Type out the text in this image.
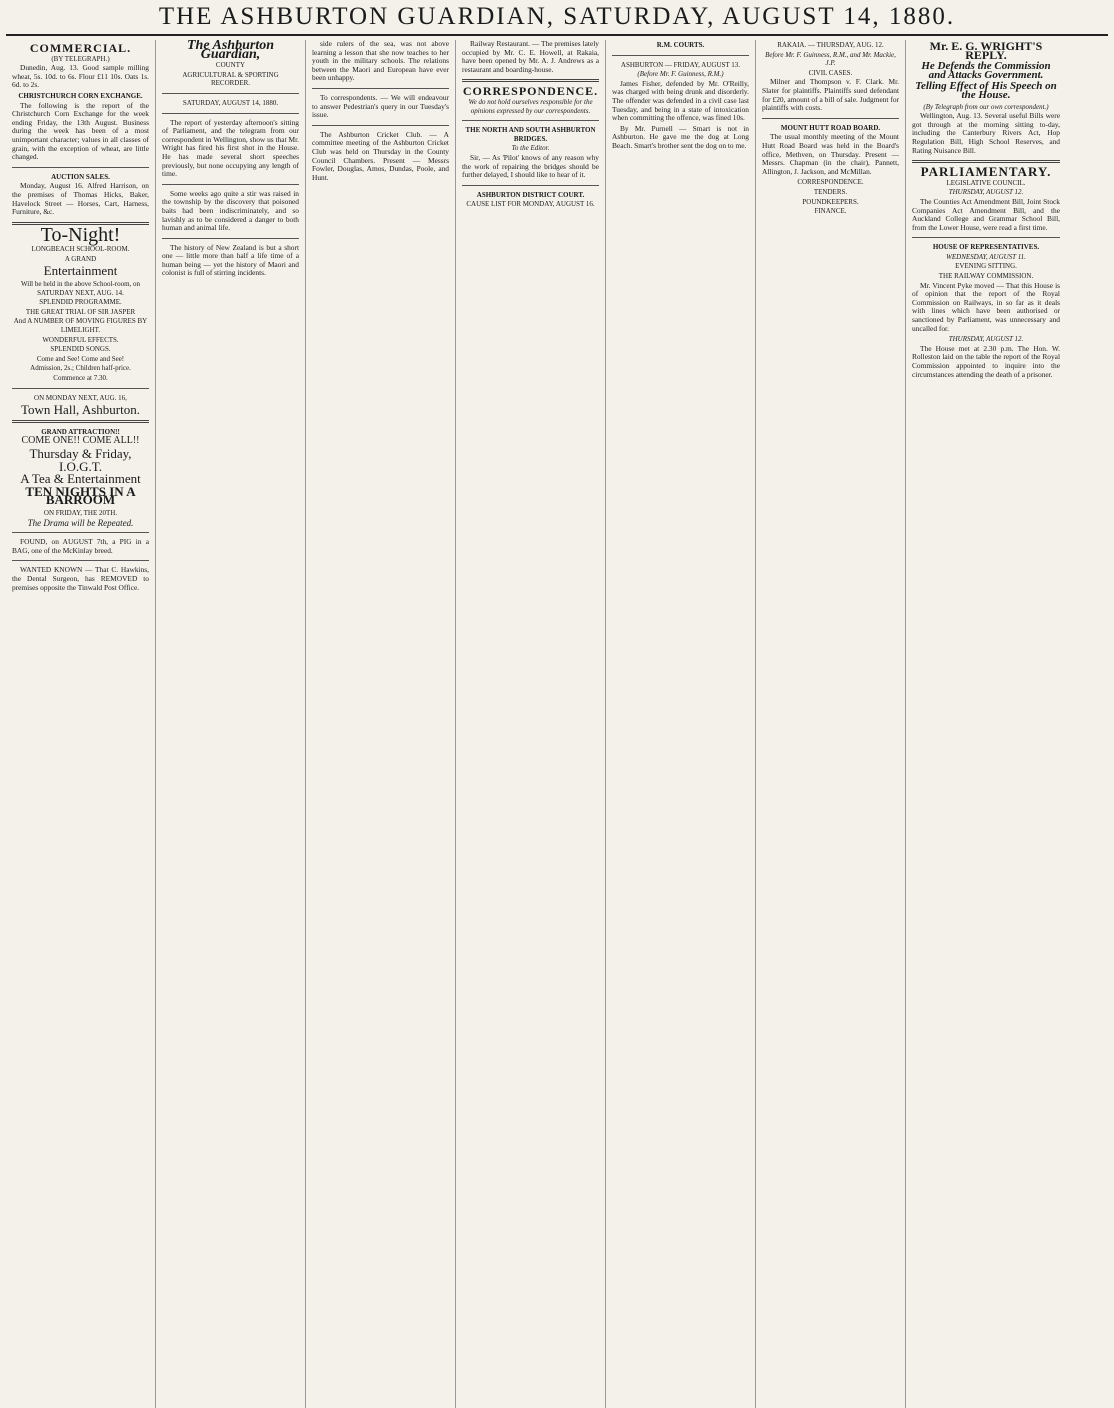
THE ASHBURTON GUARDIAN, SATURDAY, AUGUST 14, 1880.
COMMERCIAL.
(BY TELEGRAPH.)

Dunedin, Aug. 13. Good sample milling wheat, 5s. 10d. to 6s. Flour £11 10s. Oats 1s. 6d. to 2s.

CHRISTCHURCH CORN EXCHANGE.

The following is the report of the Christchurch Corn Exchange for the week ending Friday, the 13th August. Business during the week has been of a most unimportant character; values in all classes of grain, with the exception of wheat, are little changed.

AUCTION SALES.

Monday, August 16. Alfred Harrison, on the premises of Thomas Hicks, Baker, Havelock Street — Horses, Cart, Harness, Furniture, &c.

To-Night!
LONGBEACH SCHOOL-ROOM.
A GRAND
Entertainment
Will be held in the above School-room, on SATURDAY NEXT, AUG. 14.
SPLENDID PROGRAMME.
THE GREAT TRIAL OF SIR JASPER
And A NUMBER OF MOVING FIGURES BY LIMELIGHT.
WONDERFUL EFFECTS.
SPLENDID SONGS.
Come and See! Come and See!
Admission, 2s.; Children half-price.
Commence at 7.30.
ON MONDAY NEXT, AUG. 16,
Town Hall, Ashburton.
GRAND ATTRACTION!!
COME ONE!! COME ALL!!
Thursday & Friday,
I.O.G.T.
A Tea & Entertainment
TEN NIGHTS IN A BARROOM
ON FRIDAY, THE 20TH.
The Drama will be Repeated.

FOUND, on AUGUST 7th, a PIG in a BAG, one of the McKinlay breed.

WANTED KNOWN — That C. Hawkins, the Dental Surgeon, has REMOVED to premises opposite the Tinwald Post Office.

The Ashburton Guardian,
COUNTY
AGRICULTURAL & SPORTING RECORDER.
SATURDAY, AUGUST 14, 1880.

The report of yesterday afternoon's sitting of Parliament, and the telegram from our correspondent in Wellington, show us that Mr. Wright has fired his first shot in the House. He has made several short speeches previously, but none occupying any length of time.

Some weeks ago quite a stir was raised in the township by the discovery that poisoned baits had been indiscriminately, and so lavishly as to be considered a danger to both human and animal life.

The history of New Zealand is but a short one — little more than half a life time of a human being — yet the history of Maori and colonist is full of stirring incidents.

side rulers of the sea, was not above learning a lesson that she now teaches to her youth in the military schools. The relations between the Maori and European have ever been unhappy.

To correspondents. — We will endeavour to answer Pedestrian's query in our Tuesday's issue.

The Ashburton Cricket Club. — A committee meeting of the Ashburton Cricket Club was held on Thursday in the County Council Chambers. Present — Messrs Fowler, Douglas, Amos, Dundas, Poole, and Hunt.

Railway Restaurant. — The premises lately occupied by Mr. C. E. Howell, at Rakaia, have been opened by Mr. A. J. Andrews as a restaurant and boarding-house.

CORRESPONDENCE.
We do not hold ourselves responsible for the opinions expressed by our correspondents.
THE NORTH AND SOUTH ASHBURTON BRIDGES.
To the Editor.

Sir, — As 'Pilot' knows of any reason why the work of repairing the bridges should be further delayed, I should like to hear of it.

ASHBURTON DISTRICT COURT.
CAUSE LIST FOR MONDAY, AUGUST 16.
R.M. COURTS.
ASHBURTON — FRIDAY, AUGUST 13.
(Before Mr. F. Guinness, R.M.)

James Fisher, defended by Mr. O'Reilly, was charged with being drunk and disorderly. The offender was defended in a civil case last Tuesday, and being in a state of intoxication when committing the offence, was fined 10s.

By Mr. Purnell — Smart is not in Ashburton. He gave me the dog at Long Beach. Smart's brother sent the dog on to me.

RAKAIA. — THURSDAY, AUG. 12.
Before Mr. F. Guinness, R.M., and Mr. Mackie, J.P.
CIVIL CASES.

Milner and Thompson v. F. Clark. Mr. Slater for plaintiffs. Plaintiffs sued defendant for £20, amount of a bill of sale. Judgment for plaintiffs with costs.

MOUNT HUTT ROAD BOARD.

The usual monthly meeting of the Mount Hutt Road Board was held in the Board's office, Methven, on Thursday. Present — Messrs. Chapman (in the chair), Pannett, Allington, J. Jackson, and McMillan.

CORRESPONDENCE.
TENDERS.
POUNDKEEPERS.
FINANCE.
Mr. E. G. WRIGHT'S REPLY.
He Defends the Commission and Attacks Government.
Telling Effect of His Speech on the House.
(By Telegraph from our own correspondent.)

Wellington, Aug. 13. Several useful Bills were got through at the morning sitting to-day, including the Canterbury Rivers Act, Hop Regulation Bill, High School Reserves, and Rating Nuisance Bill.

PARLIAMENTARY.
LEGISLATIVE COUNCIL.
THURSDAY, AUGUST 12.

The Counties Act Amendment Bill, Joint Stock Companies Act Amendment Bill, and the Auckland College and Grammar School Bill, from the Lower House, were read a first time.

HOUSE OF REPRESENTATIVES.
WEDNESDAY, AUGUST 11.
EVENING SITTING.
THE RAILWAY COMMISSION.

Mr. Vincent Pyke moved — That this House is of opinion that the report of the Royal Commission on Railways, in so far as it deals with lines which have been authorised or sanctioned by Parliament, was unnecessary and uncalled for.

THURSDAY, AUGUST 12.

The House met at 2.30 p.m. The Hon. W. Rolleston laid on the table the report of the Royal Commission appointed to inquire into the circumstances attending the death of a prisoner.
